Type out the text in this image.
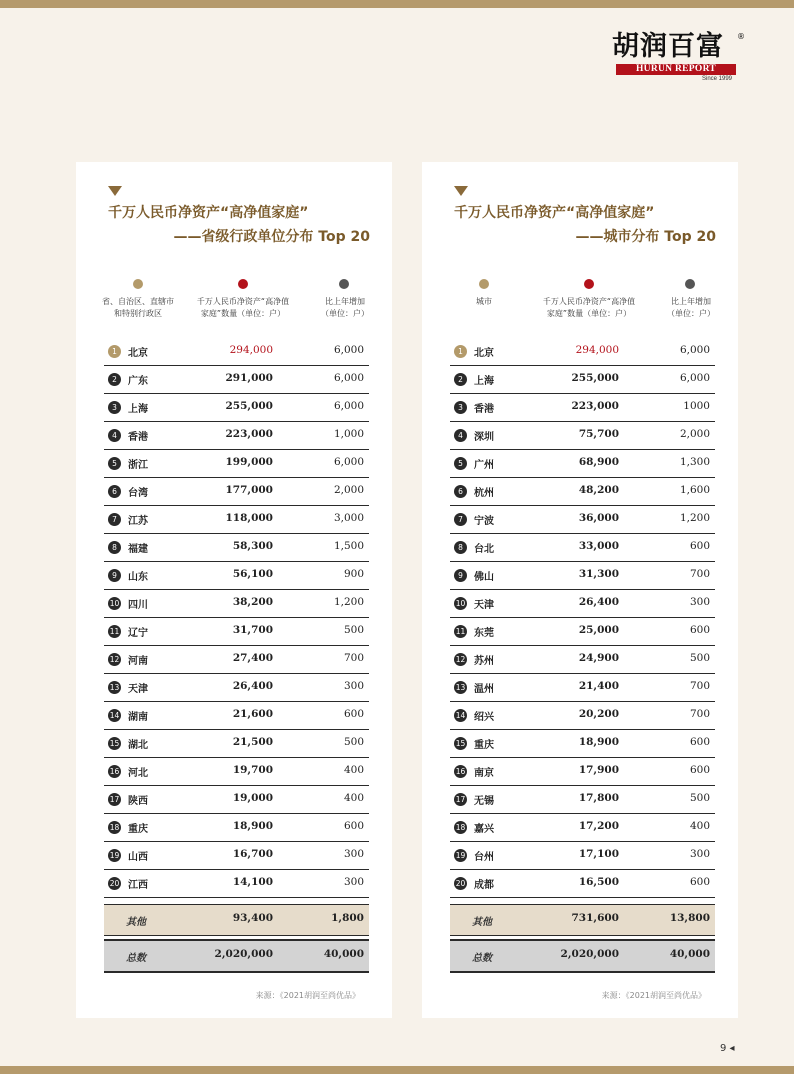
胡润百富	®
HURUN REPORT
Since 1999
千万人民币净资产“高净值家庭”
——省级行政单位分布 Top 20
省、自治区、直辖市和特别行政区
千万人民币净资产“高净值家庭”数量（单位：户）
比上年增加（单位：户）
1	北京	294,000	6,000
2	广东	291,000	6,000
3	上海	255,000	6,000
4	香港	223,000	1,000
5	浙江	199,000	6,000
6	台湾	177,000	2,000
7	江苏	118,000	3,000
8	福建	58,300	1,500
9	山东	56,100	900
10 四川	38,200	1,200
11 辽宁	31,700	500
12 河南	27,400	700
13 天津	26,400	300
14 湖南	21,600	600
15 湖北	21,500	500
16 河北	19,700	400
17 陕西	19,000	400
18 重庆	18,900	600
19 山西	16,700	300
20 江西	14,100	300
其他	93,400	1,800
总数	2,020,000	40,000
来源：《2021胡润至尚优品》
千万人民币净资产“高净值家庭”
——城市分布 Top 20
城市	千万人民币净资产“高净值家庭”数量（单位：户）
比上年增加（单位：户）
1	北京	294,000	6,000
2	上海	255,000	6,000
3	香港	223,000	1000
4	深圳	75,700	2,000
5	广州	68,900	1,300
6	杭州	48,200	1,600
7	宁波	36,000	1,200
8	台北	33,000	600
9	佛山	31,300	700
10 天津	26,400	300
11 东莞	25,000	600
12 苏州	24,900	500
13 温州	21,400	700
14 绍兴	20,200	700
15 重庆	18,900	600
16 南京	17,900	600
17 无锡	17,800	500
18 嘉兴	17,200	400
19 台州	17,100	300
20 成都	16,500	600
其他	731,600	13,800
总数	2,020,000	40,000
来源：《2021胡润至尚优品》
9 ◂
